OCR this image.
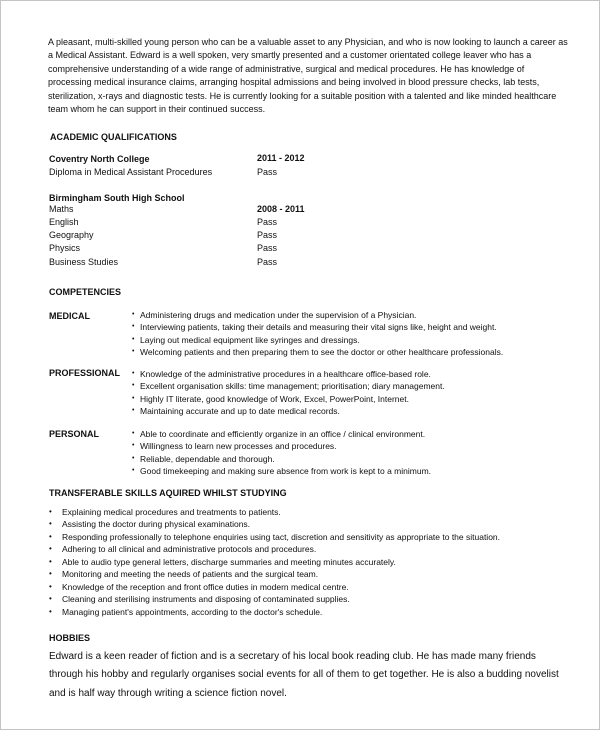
A pleasant, multi-skilled young person who can be a valuable asset to any Physician, and who is now looking to launch a career as a Medical Assistant. Edward is a well spoken, very smartly presented and a customer orientated college leaver who has a comprehensive understanding of a wide range of administrative, surgical and medical procedures. He has knowledge of processing medical insurance claims, arranging hospital admissions and being involved in blood pressure checks, lab tests, sterilization, x-rays and diagnostic tests. He is currently looking for a suitable position with a talented and like minded healthcare team whom he can support in their continued success.
ACADEMIC QUALIFICATIONS
Coventry North College	2011 - 2012
Diploma in Medical Assistant Procedures	Pass
Birmingham South High School
Maths	2008 - 2011
English	Pass
Geography	Pass
Physics	Pass
Business Studies	Pass
COMPETENCIES
MEDICAL	• Administering drugs and medication under the supervision of a Physician.
• Interviewing patients, taking their details and measuring their vital signs like, height and weight.
• Laying out medical equipment like syringes and dressings.
• Welcoming patients and then preparing them to see the doctor or other healthcare professionals.
PROFESSIONAL	• Knowledge of the administrative procedures in a healthcare office-based role.
• Excellent organisation skills: time management; prioritisation; diary management.
• Highly IT literate, good knowledge of Work, Excel, PowerPoint, Internet.
• Maintaining accurate and up to date medical records.
PERSONAL	• Able to coordinate and efficiently organize in an office / clinical environment.
• Willingness to learn new processes and procedures.
• Reliable, dependable and thorough.
• Good timekeeping and making sure absence from work is kept to a minimum.
TRANSFERABLE SKILLS AQUIRED WHILST STUDYING
• Explaining medical procedures and treatments to patients.
• Assisting the doctor during physical examinations.
• Responding professionally to telephone enquiries using tact, discretion and sensitivity as appropriate to the situation.
• Adhering to all clinical and administrative protocols and procedures.
• Able to audio type general letters, discharge summaries and meeting minutes accurately.
• Monitoring and meeting the needs of patients and the surgical team.
• Knowledge of the reception and front office duties in modern medical centre.
• Cleaning and sterilising instruments and disposing of contaminated supplies.
• Managing patient's appointments, according to the doctor's schedule.
HOBBIES
Edward is a keen reader of fiction and is a secretary of his local book reading club. He has made many friends through his hobby and regularly organises social events for all of them to get together. He is also a budding novelist and is half way through writing a science fiction novel.
